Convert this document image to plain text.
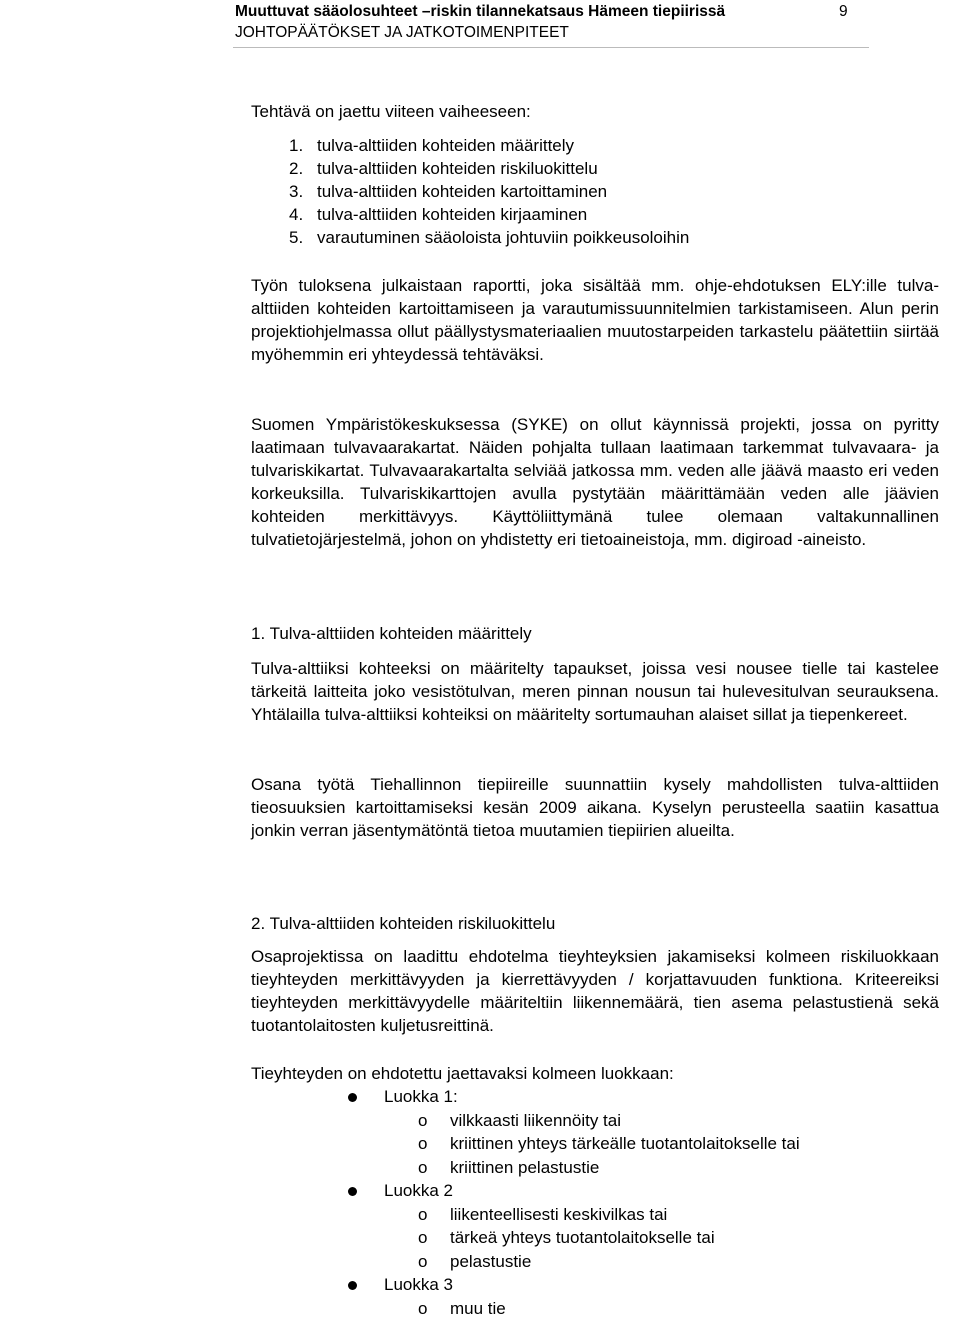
Muuttuvat sääolosuhteet –riskin tilannekatsaus Hämeen tiepiirissä
JOHTOPÄÄTÖKSET JA JATKOTOIMENPITEET
9

Tehtävä on jaettu viiteen vaiheeseen:

1. tulva-alttiiden kohteiden määrittely
2. tulva-alttiiden kohteiden riskiluokittelu
3. tulva-alttiiden kohteiden kartoittaminen
4. tulva-alttiiden kohteiden kirjaaminen
5. varautuminen sääoloista johtuviin poikkeusoloihin

Työn tuloksena julkaistaan raportti, joka sisältää mm. ohje-ehdotuksen ELY:ille tulva-alttiiden kohteiden kartoittamiseen ja varautumissuunnitelmien tarkistamiseen. Alun perin projektiohjelmassa ollut päällystysmateriaalien muutostarpeiden tarkastelu päätettiin siirtää myöhemmin eri yhteydessä tehtäväksi.

Suomen Ympäristökeskuksessa (SYKE) on ollut käynnissä projekti, jossa on pyritty laatimaan tulvavaarakartat. Näiden pohjalta tullaan laatimaan tarkemmat tulvavaara- ja tulvariskikartat. Tulvavaarakartalta selviää jatkossa mm. veden alle jäävä maasto eri veden korkeuksilla. Tulvariskikarttojen avulla pystytään määrittämään veden alle jäävien kohteiden merkittävyys. Käyttöliittymänä tulee olemaan valtakunnallinen tulvatietojärjestelmä, johon on yhdistetty eri tietoaineistoja, mm. digiroad -aineisto.

1. Tulva-alttiiden kohteiden määrittely

Tulva-alttiiksi kohteeksi on määritelty tapaukset, joissa vesi nousee tielle tai kastelee tärkeitä laitteita joko vesistötulvan, meren pinnan nousun tai hulevesitulvan seurauksena. Yhtälailla tulva-alttiiksi kohteiksi on määritelty sortumauhan alaiset sillat ja tiepenkereet.

Osana työtä Tiehallinnon tiepiireille suunnattiin kysely mahdollisten tulva-alttiiden tieosuuksien kartoittamiseksi kesän 2009 aikana. Kyselyn perusteella saatiin kasattua jonkin verran jäsentymätöntä tietoa muutamien tiepiirien alueilta.

2. Tulva-alttiiden kohteiden riskiluokittelu

Osaprojektissa on laadittu ehdotelma tieyhteyksien jakamiseksi kolmeen riskiluokkaan tieyhteyden merkittävyyden ja kierrettävyyden / korjattavuuden funktiona. Kriteereiksi tieyhteyden merkittävyydelle määriteltiin liikennemäärä, tien asema pelastustienä sekä tuotantolaitosten kuljetusreittinä.

Tieyhteyden on ehdotettu jaettavaksi kolmeen luokkaan:

Luokka 1:
o vilkkaasti liikennöity tai
o kriittinen yhteys tärkeälle tuotantolaitokselle tai
o kriittinen pelastustie
Luokka 2
o liikenteellisesti keskivilkas tai
o tärkeä yhteys tuotantolaitokselle tai
o pelastustie
Luokka 3
o muu tie
